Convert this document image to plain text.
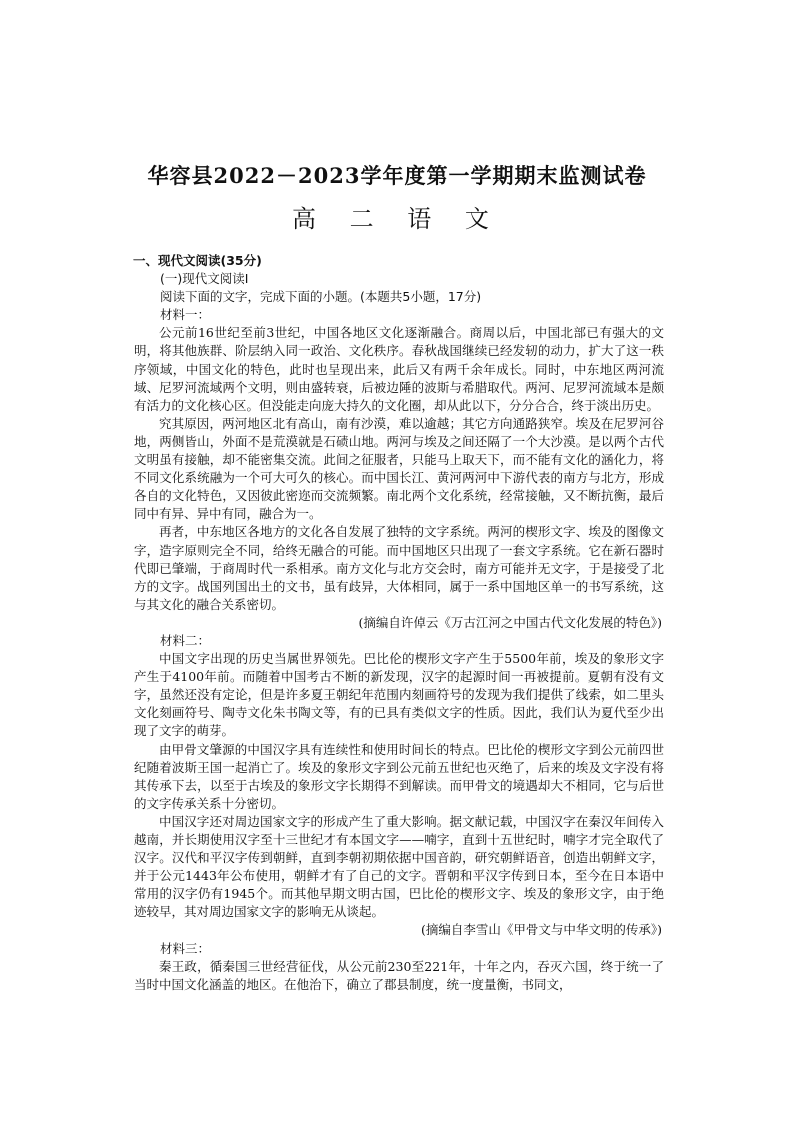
华容县2022－2023学年度第一学期期末监测试卷
高 二 语 文

一、现代文阅读(35分)

(一)现代文阅读Ⅰ

阅读下面的文字，完成下面的小题。(本题共5小题，17分)

材料一：

公元前16世纪至前3世纪，中国各地区文化逐渐融合。商周以后，中国北部已有强大的文明，将其他族群、阶层纳入同一政治、文化秩序。春秋战国继续已经发轫的动力，扩大了这一秩序领域，中国文化的特色，此时也呈现出来，此后又有两千余年成长。同时，中东地区两河流域、尼罗河流域两个文明，则由盛转衰，后被边陲的波斯与希腊取代。两河、尼罗河流域本是颇有活力的文化核心区。但没能走向庞大持久的文化圈，却从此以下，分分合合，终于淡出历史。

究其原因，两河地区北有高山，南有沙漠，难以逾越；其它方向通路狭窄。埃及在尼罗河谷地，两侧皆山，外面不是荒漠就是石碛山地。两河与埃及之间还隔了一个大沙漠。是以两个古代文明虽有接触，却不能密集交流。此间之征服者，只能马上取天下，而不能有文化的涵化力，将不同文化系统融为一个可大可久的核心。而中国长江、黄河两河中下游代表的南方与北方，形成各自的文化特色，又因彼此密迩而交流频繁。南北两个文化系统，经常接触，又不断抗衡，最后同中有异、异中有同，融合为一。

再者，中东地区各地方的文化各自发展了独特的文字系统。两河的楔形文字、埃及的图像文字，造字原则完全不同，给终无融合的可能。而中国地区只出现了一套文字系统。它在新石器时代即已肇端，于商周时代一系相承。南方文化与北方交会时，南方可能并无文字，于是接受了北方的文字。战国列国出土的文书，虽有歧异，大体相同，属于一系中国地区单一的书写系统，这与其文化的融合关系密切。

(摘编自许倬云《万古江河之中国古代文化发展的特色》)

材料二：

中国文字出现的历史当属世界领先。巴比伦的楔形文字产生于5500年前，埃及的象形文字产生于4100年前。而随着中国考古不断的新发现，汉字的起源时间一再被提前。夏朝有没有文字，虽然还没有定论，但是许多夏王朝纪年范围内刻画符号的发现为我们提供了线索，如二里头文化刻画符号、陶寺文化朱书陶文等，有的已具有类似文字的性质。因此，我们认为夏代至少出现了文字的萌芽。

由甲骨文肇源的中国汉字具有连续性和使用时间长的特点。巴比伦的楔形文字到公元前四世纪随着波斯王国一起消亡了。埃及的象形文字到公元前五世纪也灭绝了，后来的埃及文字没有将其传承下去，以至于古埃及的象形文字长期得不到解读。而甲骨文的境遇却大不相同，它与后世的文字传承关系十分密切。

中国汉字还对周边国家文字的形成产生了重大影响。据文献记载，中国汉字在秦汉年间传入越南，并长期使用汉字至十三世纪才有本国文字——喃字，直到十五世纪时，喃字才完全取代了汉字。汉代和平汉字传到朝鲜，直到李朝初期依据中国音韵，研究朝鲜语音，创造出朝鲜文字，并于公元1443年公布使用，朝鲜才有了自己的文字。晋朝和平汉字传到日本，至今在日本语中常用的汉字仍有1945个。而其他早期文明古国，巴比伦的楔形文字、埃及的象形文字，由于绝迹较早，其对周边国家文字的影响无从谈起。

(摘编自李雪山《甲骨文与中华文明的传承》)

材料三：

秦王政，循秦国三世经营征伐，从公元前230至221年，十年之内，吞灭六国，终于统一了当时中国文化涵盖的地区。在他治下，确立了郡县制度，统一度量衡，书同文，
